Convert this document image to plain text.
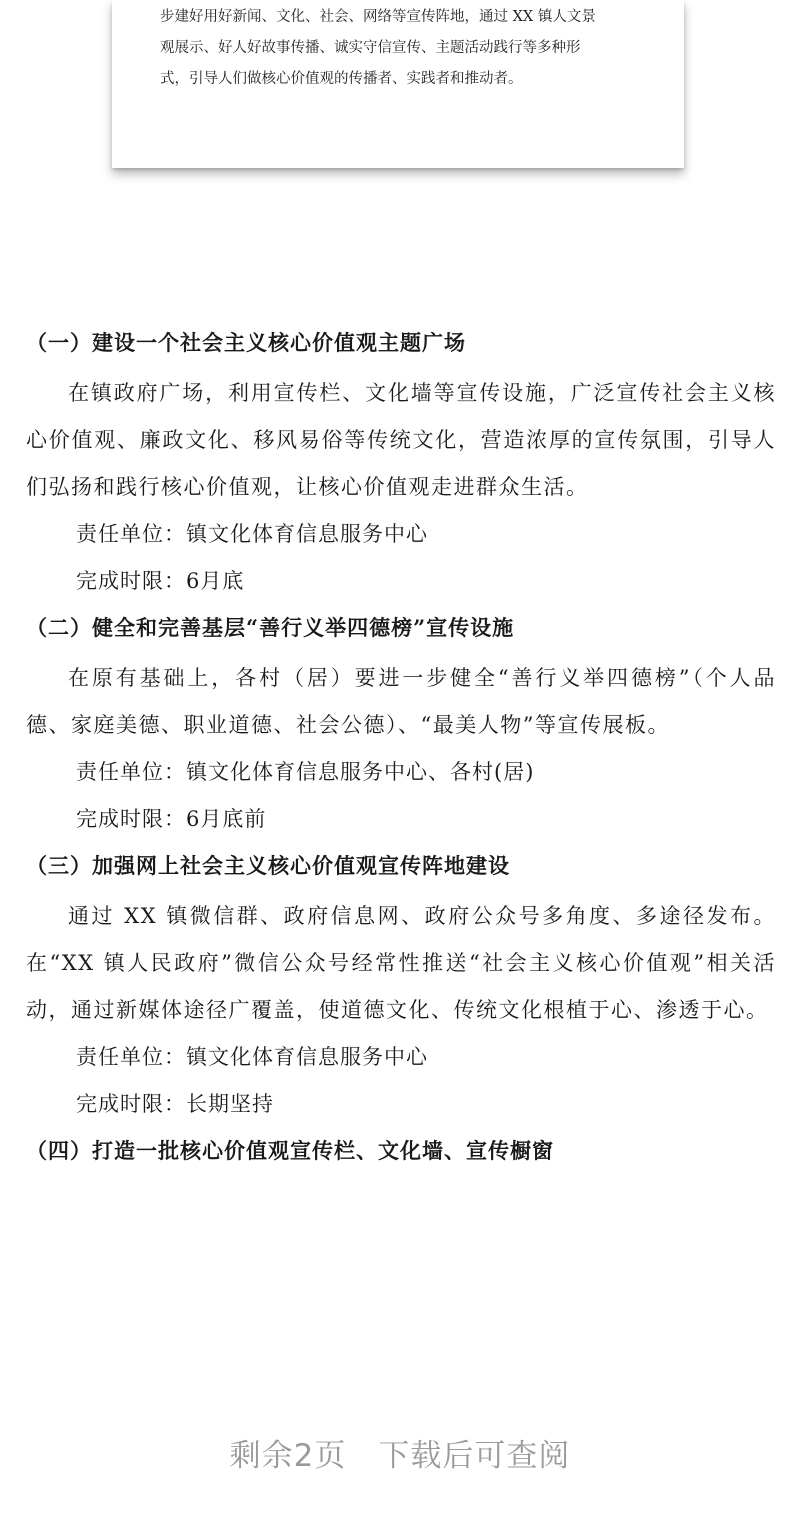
步建好用好新闻、文化、社会、网络等宣传阵地，通过 XX 镇人文景
观展示、好人好故事传播、诚实守信宣传、主题活动践行等多种形
式，引导人们做核心价值观的传播者、实践者和推动者。

（一）建设一个社会主义核心价值观主题广场

在镇政府广场，利用宣传栏、文化墙等宣传设施，广泛宣传社会主义核心价值观、廉政文化、移风易俗等传统文化，营造浓厚的宣传氛围，引导人们弘扬和践行核心价值观，让核心价值观走进群众生活。

责任单位：镇文化体育信息服务中心

完成时限：6月底

（二）健全和完善基层“善行义举四德榜”宣传设施

在原有基础上，各村（居）要进一步健全“善行义举四德榜”（个人品德、家庭美德、职业道德、社会公德）、“最美人物”等宣传展板。

责任单位：镇文化体育信息服务中心、各村(居)

完成时限：6月底前

（三）加强网上社会主义核心价值观宣传阵地建设

通过 XX 镇微信群、政府信息网、政府公众号多角度、多途径发布。在“XX 镇人民政府”微信公众号经常性推送“社会主义核心价值观”相关活动，通过新媒体途径广覆盖，使道德文化、传统文化根植于心、渗透于心。

责任单位：镇文化体育信息服务中心

完成时限：长期坚持

（四）打造一批核心价值观宣传栏、文化墙、宣传橱窗
剩余2页 下载后可查阅
